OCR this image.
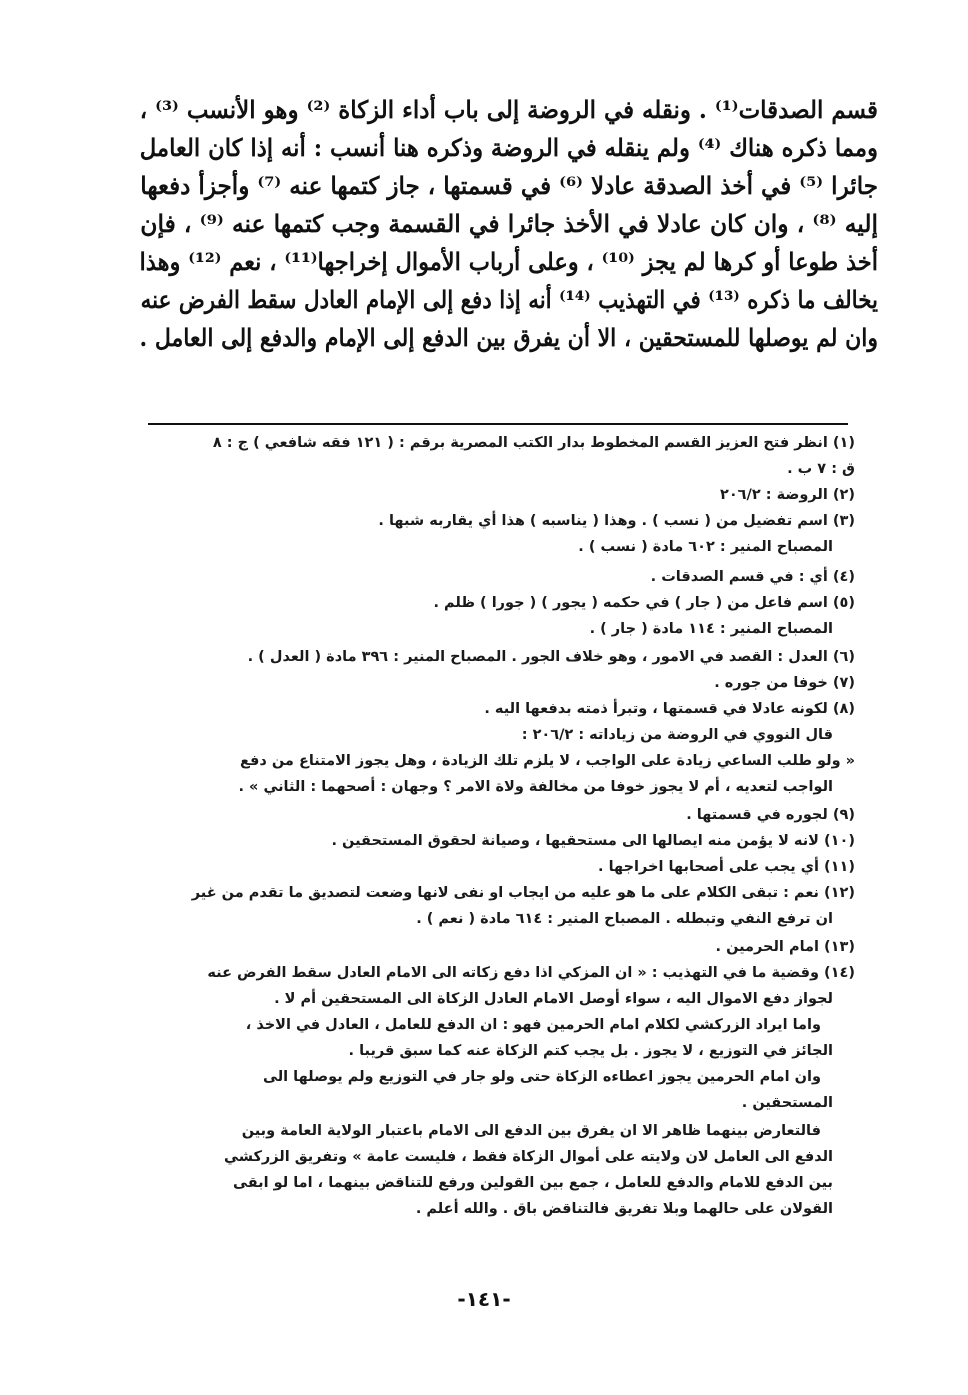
قسم الصدقات⁽¹⁾ . ونقله في الروضة إلى باب أداء الزكاة ⁽²⁾ وهو الأنسب ⁽³⁾ ،
ومما ذكره هناك ⁽⁴⁾ ولم ينقله في الروضة وذكره هنا أنسب : أنه إذا كان العامل
جائرا ⁽⁵⁾ في أخذ الصدقة عادلا ⁽⁶⁾ في قسمتها ، جاز كتمها عنه ⁽⁷⁾ وأجزأ دفعها
إليه ⁽⁸⁾ ، وان كان عادلا في الأخذ جائرا في القسمة وجب كتمها عنه ⁽⁹⁾ ، فإن
أخذ طوعا أو كرها لم يجز ⁽¹⁰⁾ ، وعلى أرباب الأموال إخراجها⁽¹¹⁾ ، نعم ⁽¹²⁾ وهذا
يخالف ما ذكره ⁽¹³⁾ في التهذيب ⁽¹⁴⁾ أنه إذا دفع إلى الإمام العادل سقط الفرض عنه
وان لم يوصلها للمستحقين ، الا أن يفرق بين الدفع إلى الإمام والدفع إلى العامل .
(١) انظر فتح العزيز القسم المخطوط بدار الكتب المصرية برقم : ( ١٢١ فقه شافعي ) ج : ٨
ق : ٧ ب .
(٢) الروضة : ٢٠٦/٢
(٣) اسم تفضيل من ( نسب ) . وهذا ( يناسبه ) هذا أي يقاربه شبها .
المصباح المنير : ٦٠٢ مادة ( نسب ) .
(٤) أي : في قسم الصدقات .
(٥) اسم فاعل من ( جار ) في حكمه ( يجور ) ( جورا ) ظلم .
المصباح المنير : ١١٤ مادة ( جار ) .
(٦) العدل : القصد في الامور ، وهو خلاف الجور . المصباح المنير : ٣٩٦ مادة ( العدل ) .
(٧) خوفا من جوره .
(٨) لكونه عادلا في قسمتها ، وتبرأ ذمته بدفعها اليه .
قال النووي في الروضة من زياداته : ٢٠٦/٢ :
« ولو طلب الساعي زيادة على الواجب ، لا يلزم تلك الزيادة ، وهل يجوز الامتناع من دفع
الواجب لتعديه ، أم لا يجوز خوفا من مخالفة ولاة الامر ؟ وجهان : أصحهما : الثاني » .
(٩) لجوره في قسمتها .
(١٠) لانه لا يؤمن منه ايصالها الى مستحقيها ، وصيانة لحقوق المستحقين .
(١١) أي يجب على أصحابها اخراجها .
(١٢) نعم : تبقى الكلام على ما هو عليه من ايجاب او نفى لانها وضعت لتصديق ما تقدم من غير
ان ترفع النفي وتبطله . المصباح المنير : ٦١٤ مادة ( نعم ) .
(١٣) امام الحرمين .
(١٤) وقضية ما في التهذيب : « ان المزكي اذا دفع زكاته الى الامام العادل سقط الفرض عنه
لجواز دفع الاموال اليه ، سواء أوصل الامام العادل الزكاة الى المستحقين أم لا .
واما ايراد الزركشي لكلام امام الحرمين فهو : ان الدفع للعامل ، العادل في الاخذ ،
الجائز في التوزيع ، لا يجوز . بل يجب كتم الزكاة عنه كما سبق قريبا .
وان امام الحرمين يجوز اعطاءه الزكاة حتى ولو جار في التوزيع ولم يوصلها الى
المستحقين .
فالتعارض بينهما ظاهر الا ان يفرق بين الدفع الى الامام باعتبار الولاية العامة وبين
الدفع الى العامل لان ولايته على أموال الزكاة فقط ، فليست عامة » وتفريق الزركشي
بين الدفع للامام والدفع للعامل ، جمع بين القولين ورفع للتناقض بينهما ، اما لو ابقى
القولان على حالهما وبلا تفريق فالتناقض باق . والله أعلم .
-١٤١-
